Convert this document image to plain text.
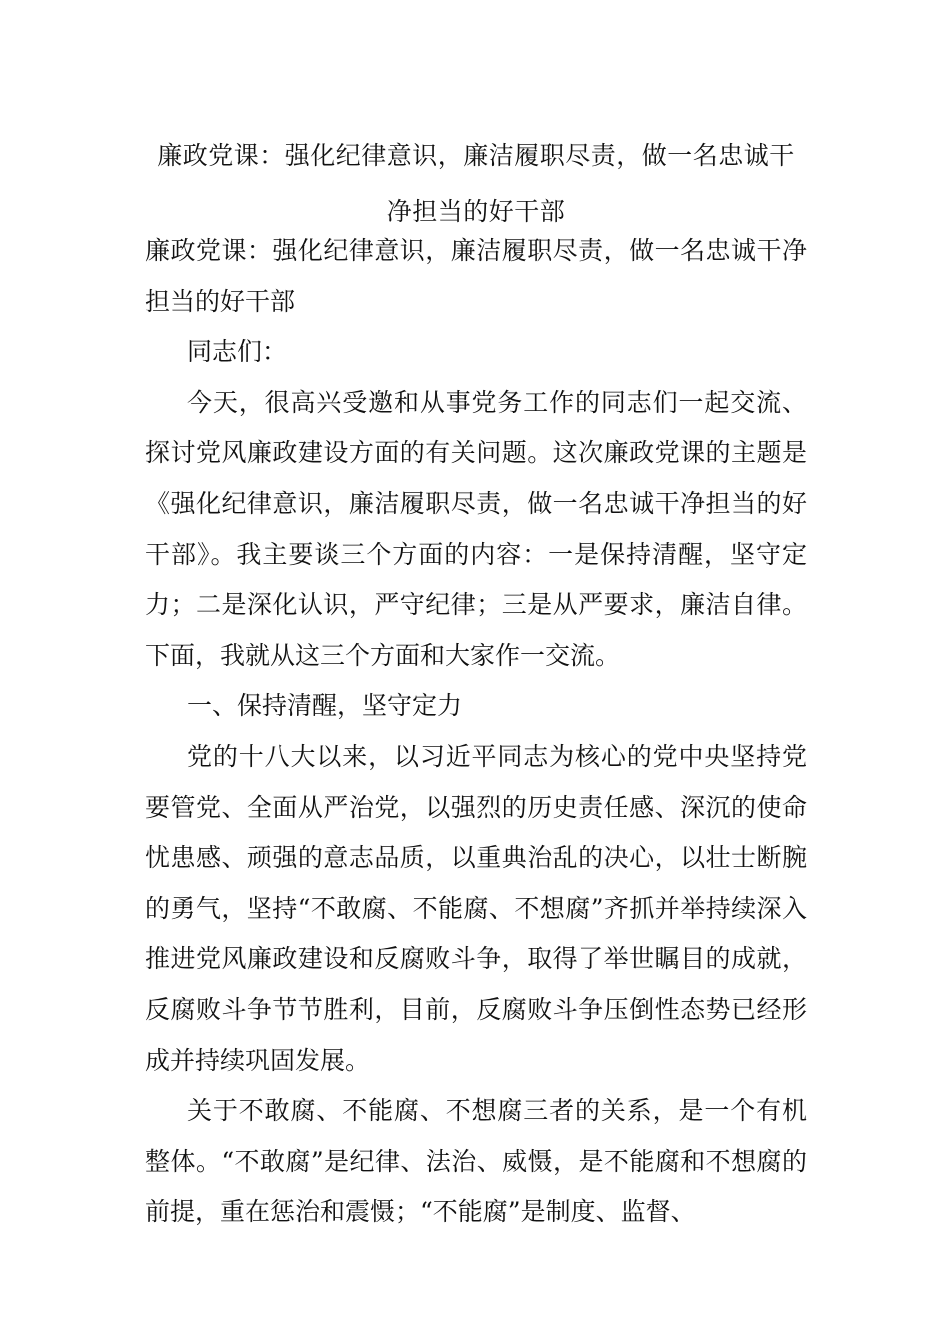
廉政党课：强化纪律意识，廉洁履职尽责，做一名忠诚干净担当的好干部

廉政党课：强化纪律意识，廉洁履职尽责，做一名忠诚干净担当的好干部

同志们：

今天，很高兴受邀和从事党务工作的同志们一起交流、探讨党风廉政建设方面的有关问题。这次廉政党课的主题是《强化纪律意识，廉洁履职尽责，做一名忠诚干净担当的好干部》。我主要谈三个方面的内容：一是保持清醒，坚守定力；二是深化认识，严守纪律；三是从严要求，廉洁自律。下面，我就从这三个方面和大家作一交流。

一、保持清醒，坚守定力

党的十八大以来，以习近平同志为核心的党中央坚持党要管党、全面从严治党，以强烈的历史责任感、深沉的使命忧患感、顽强的意志品质，以重典治乱的决心，以壮士断腕的勇气，坚持“不敢腐、不能腐、不想腐”齐抓并举持续深入推进党风廉政建设和反腐败斗争，取得了举世瞩目的成就，反腐败斗争节节胜利，目前，反腐败斗争压倒性态势已经形成并持续巩固发展。

关于不敢腐、不能腐、不想腐三者的关系，是一个有机整体。“不敢腐”是纪律、法治、威慑，是不能腐和不想腐的前提，重在惩治和震慑；“不能腐”是制度、监督、
